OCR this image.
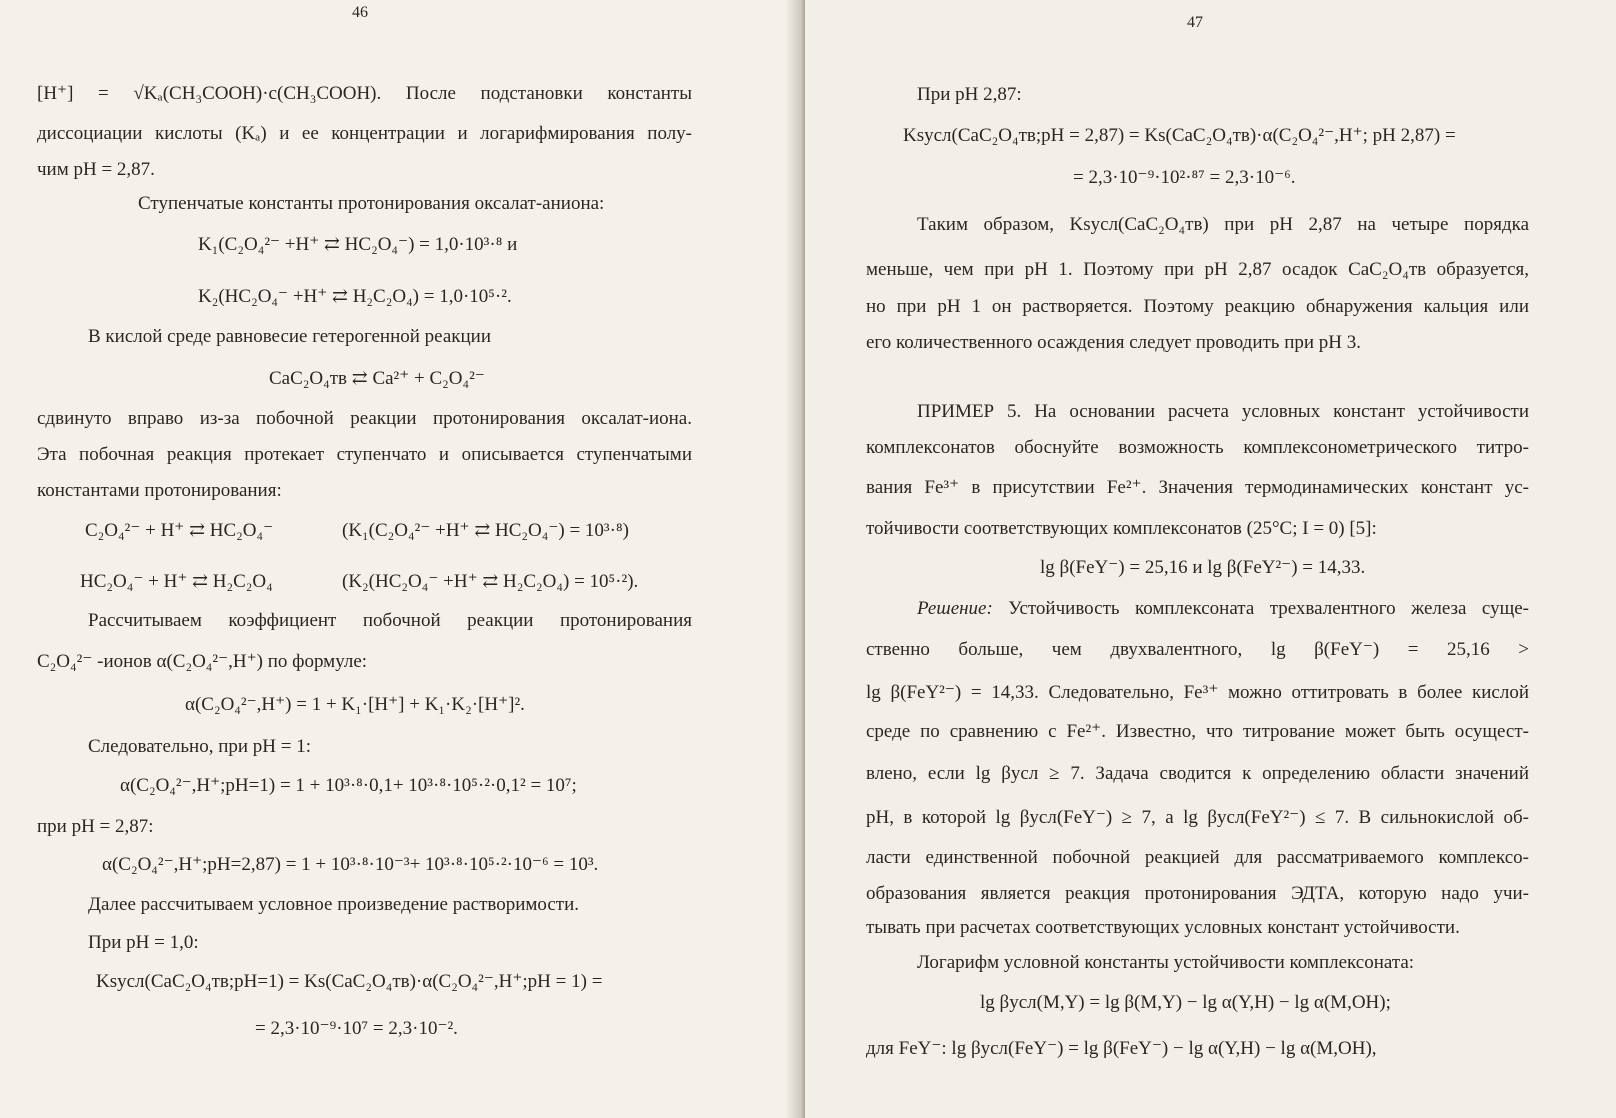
46
[H⁺] = √Kₐ(CH₃COOH)·c(CH₃COOH). После подстановки константы
диссоциации кислоты (Kₐ) и ее концентрации и логарифмирования полу-
чим pH = 2,87.
Ступенчатые константы протонирования оксалат-аниона:
K₁(C₂O₄²⁻ +H⁺ ⇄ HC₂O₄⁻) = 1,0·10³·⁸ и
K₂(HC₂O₄⁻ +H⁺ ⇄ H₂C₂O₄) = 1,0·10⁵·².
В кислой среде равновесие гетерогенной реакции
CaC₂O₄тв ⇄ Ca²⁺ + C₂O₄²⁻
сдвинуто вправо из-за побочной реакции протонирования оксалат-иона.
Эта побочная реакция протекает ступенчато и описывается ступенчатыми
константами протонирования:
C₂O₄²⁻ + H⁺ ⇄ HC₂O₄⁻	(K₁(C₂O₄²⁻ +H⁺ ⇄ HC₂O₄⁻) = 10³·⁸)
HC₂O₄⁻ + H⁺ ⇄ H₂C₂O₄	(K₂(HC₂O₄⁻ +H⁺ ⇄ H₂C₂O₄) = 10⁵·²).
Рассчитываем коэффициент побочной реакции протонирования
C₂O₄²⁻ -ионов α(C₂O₄²⁻,H⁺) по формуле:
α(C₂O₄²⁻,H⁺) = 1 + K₁·[H⁺] + K₁·K₂·[H⁺]².
Следовательно, при pH = 1:
α(C₂O₄²⁻,H⁺;pH=1) = 1 + 10³·⁸·0,1+ 10³·⁸·10⁵·²·0,1² = 10⁷;
при pH = 2,87:
α(C₂O₄²⁻,H⁺;pH=2,87) = 1 + 10³·⁸·10⁻³+ 10³·⁸·10⁵·²·10⁻⁶ = 10³.
Далее рассчитываем условное произведение растворимости.
При pH = 1,0:
Ksусл(CaC₂O₄тв;pH=1) = Ks(CaC₂O₄тв)·α(C₂O₄²⁻,H⁺;pH = 1) =
= 2,3·10⁻⁹·10⁷ = 2,3·10⁻².
47
При pH 2,87:
Ksусл(CaC₂O₄тв;pH = 2,87) = Ks(CaC₂O₄тв)·α(C₂O₄²⁻,H⁺; pH 2,87) =
= 2,3·10⁻⁹·10²·⁸⁷ = 2,3·10⁻⁶.
Таким образом, Ksусл(CaC₂O₄тв) при pH 2,87 на четыре порядка
меньше, чем при pH 1. Поэтому при pH 2,87 осадок CaC₂O₄тв образуется,
но при pH 1 он растворяется. Поэтому реакцию обнаружения кальция или
его количественного осаждения следует проводить при pH 3.
ПРИМЕР 5. На основании расчета условных констант устойчивости
комплексонатов обоснуйте возможность комплексонометрического титро-
вания Fe³⁺ в присутствии Fe²⁺. Значения термодинамических констант ус-
тойчивости соответствующих комплексонатов (25°C; I = 0) [5]:
lg β(FeY⁻) = 25,16 и lg β(FeY²⁻) = 14,33.
Решение: Устойчивость комплексоната трехвалентного железа суще-
ственно больше, чем двухвалентного, lg β(FeY⁻) = 25,16 >
lg β(FeY²⁻) = 14,33. Следовательно, Fe³⁺ можно оттитровать в более кислой
среде по сравнению с Fe²⁺. Известно, что титрование может быть осущест-
влено, если lg βусл ≥ 7. Задача сводится к определению области значений
pH, в которой lg βусл(FeY⁻) ≥ 7, а lg βусл(FeY²⁻) ≤ 7. В сильнокислой об-
ласти единственной побочной реакцией для рассматриваемого комплексо-
образования является реакция протонирования ЭДТА, которую надо учи-
тывать при расчетах соответствующих условных констант устойчивости.
Логарифм условной константы устойчивости комплексоната:
lg βусл(M,Y) = lg β(M,Y) − lg α(Y,H) − lg α(M,OH);
для FeY⁻: lg βусл(FeY⁻) = lg β(FeY⁻) − lg α(Y,H) − lg α(M,OH),
